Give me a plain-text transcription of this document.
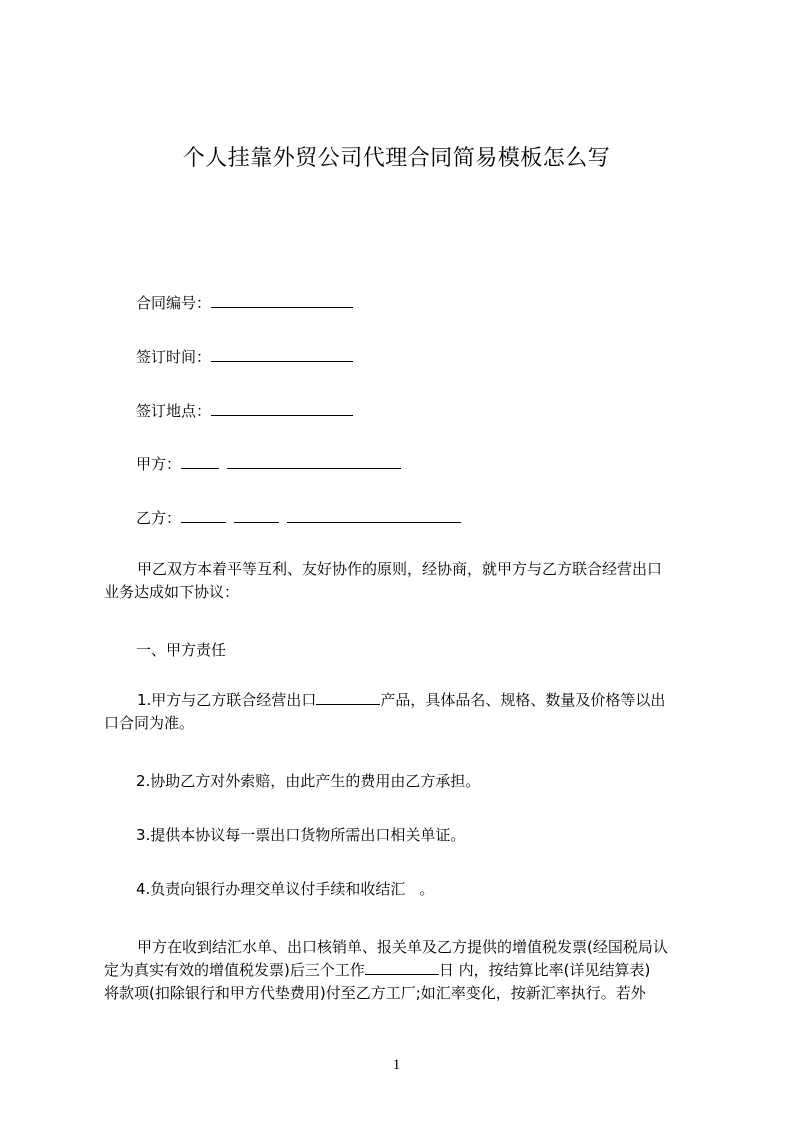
个人挂靠外贸公司代理合同简易模板怎么写
合同编号：
签订时间：
签订地点：
甲方：
乙方：

甲乙双方本着平等互利、友好协作的原则，经协商，就甲方与乙方联合经营出口

业务达成如下协议：

一、甲方责任

1.甲方与乙方联合经营出口	产品，具体品名、规格、数量及价格等以出

口合同为准。

2.协助乙方对外索赔，由此产生的费用由乙方承担。
3.提供本协议每一票出口货物所需出口相关单证。
4.负责向银行办理交单议付手续和收结汇 。

甲方在收到结汇水单、出口核销单、报关单及乙方提供的增值税发票(经国税局认

定为真实有效的增值税发票)后三个工作	日 内，按结算比率(详见结算表)

将款项(扣除银行和甲方代垫费用)付至乙方工厂;如汇率变化，按新汇率执行。若外

1
